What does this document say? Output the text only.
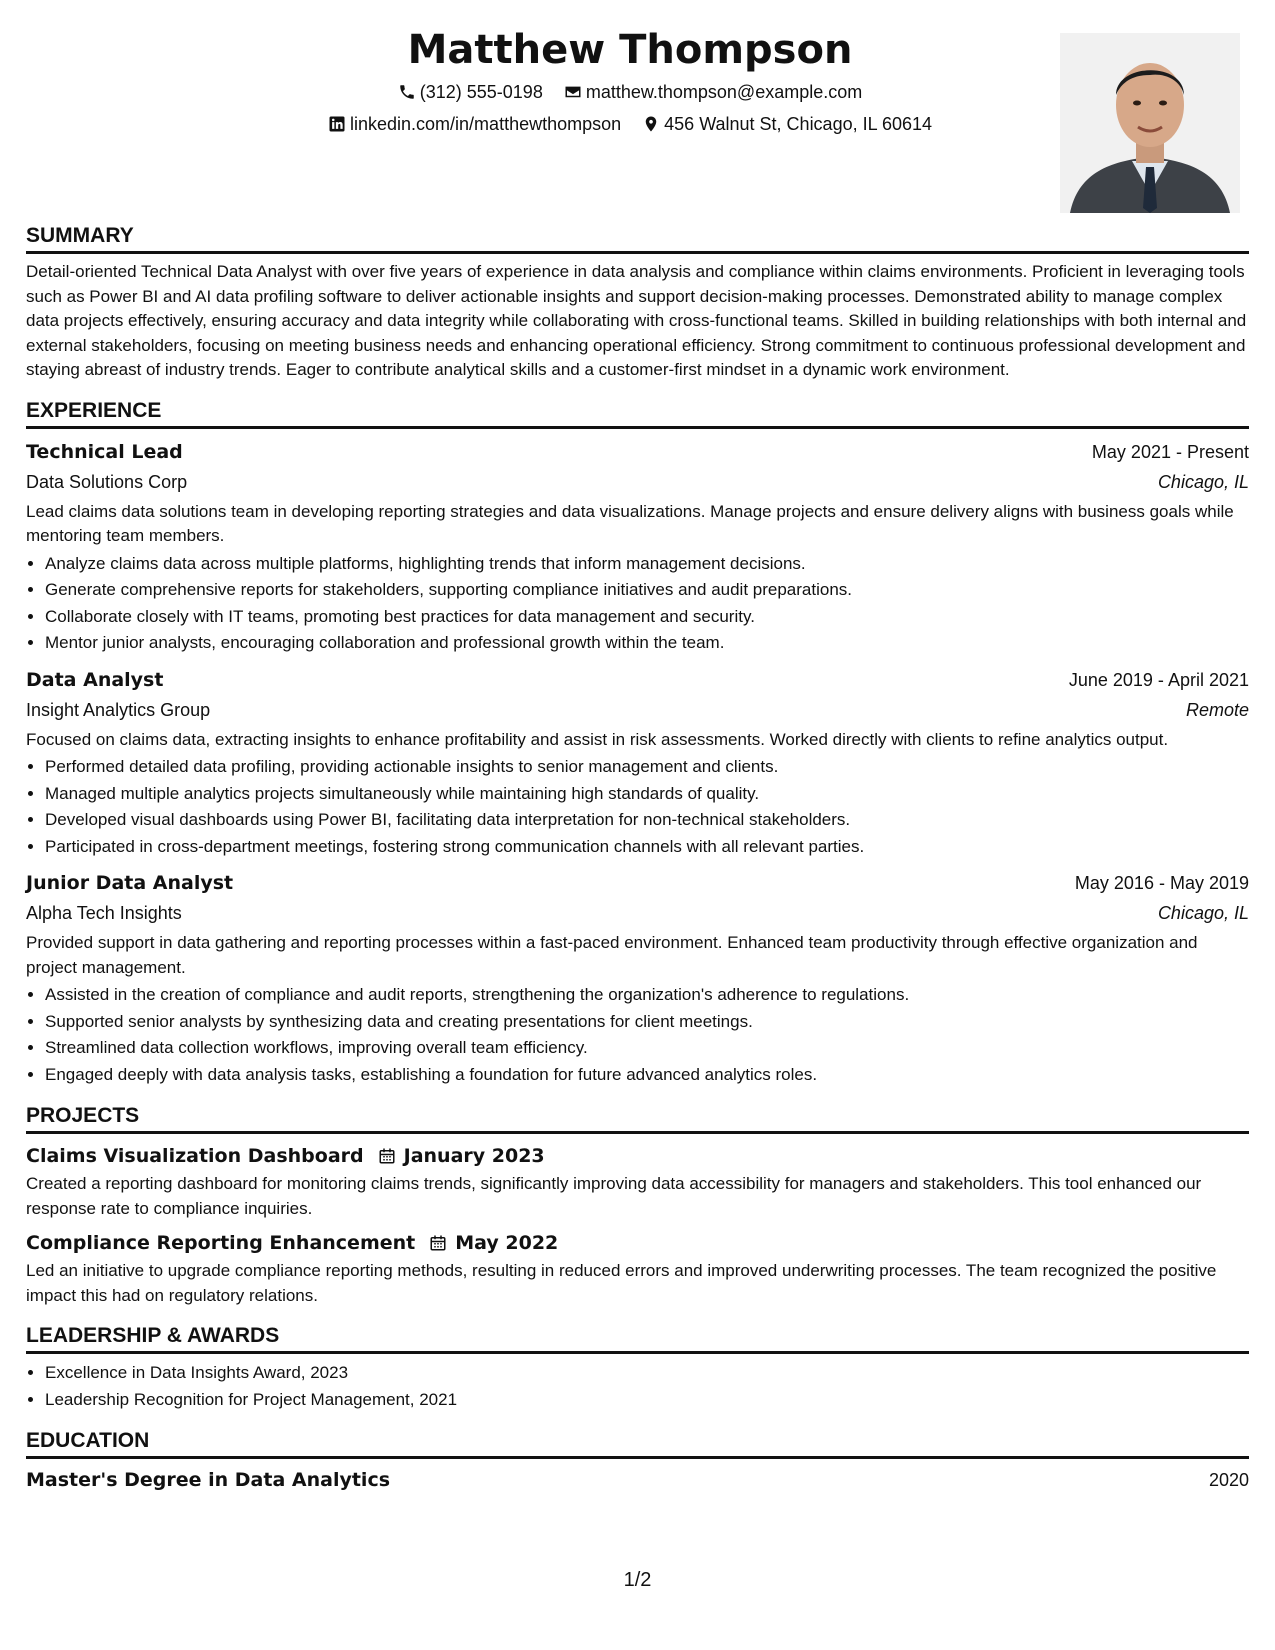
Matthew Thompson
(312) 555-0198
matthew.thompson@example.com
linkedin.com/in/matthewthompson
456 Walnut St, Chicago, IL 60614
SUMMARY

Detail-oriented Technical Data Analyst with over five years of experience in data analysis and compliance within claims environments. Proficient in leveraging tools such as Power BI and AI data profiling software to deliver actionable insights and support decision-making processes. Demonstrated ability to manage complex data projects effectively, ensuring accuracy and data integrity while collaborating with cross-functional teams. Skilled in building relationships with both internal and external stakeholders, focusing on meeting business needs and enhancing operational efficiency. Strong commitment to continuous professional development and staying abreast of industry trends. Eager to contribute analytical skills and a customer-first mindset in a dynamic work environment.

EXPERIENCE
Technical Lead	May 2021 - Present
Data Solutions Corp	Chicago, IL

Lead claims data solutions team in developing reporting strategies and data visualizations. Manage projects and ensure delivery aligns with business goals while mentoring team members.

• Analyze claims data across multiple platforms, highlighting trends that inform management decisions.
• Generate comprehensive reports for stakeholders, supporting compliance initiatives and audit preparations.
• Collaborate closely with IT teams, promoting best practices for data management and security.
• Mentor junior analysts, encouraging collaboration and professional growth within the team.
Data Analyst	June 2019 - April 2021
Insight Analytics Group	Remote

Focused on claims data, extracting insights to enhance profitability and assist in risk assessments. Worked directly with clients to refine analytics output.

• Performed detailed data profiling, providing actionable insights to senior management and clients.
• Managed multiple analytics projects simultaneously while maintaining high standards of quality.
• Developed visual dashboards using Power BI, facilitating data interpretation for non-technical stakeholders.
• Participated in cross-department meetings, fostering strong communication channels with all relevant parties.
Junior Data Analyst	May 2016 - May 2019
Alpha Tech Insights	Chicago, IL

Provided support in data gathering and reporting processes within a fast-paced environment. Enhanced team productivity through effective organization and project management.

• Assisted in the creation of compliance and audit reports, strengthening the organization's adherence to regulations.
• Supported senior analysts by synthesizing data and creating presentations for client meetings.
• Streamlined data collection workflows, improving overall team efficiency.
• Engaged deeply with data analysis tasks, establishing a foundation for future advanced analytics roles.
PROJECTS
Claims Visualization Dashboard January 2023

Created a reporting dashboard for monitoring claims trends, significantly improving data accessibility for managers and stakeholders. This tool enhanced our response rate to compliance inquiries.

Compliance Reporting Enhancement May 2022

Led an initiative to upgrade compliance reporting methods, resulting in reduced errors and improved underwriting processes. The team recognized the positive impact this had on regulatory relations.

LEADERSHIP & AWARDS
• Excellence in Data Insights Award, 2023
• Leadership Recognition for Project Management, 2021
EDUCATION
Master's Degree in Data Analytics	2020
1/2
